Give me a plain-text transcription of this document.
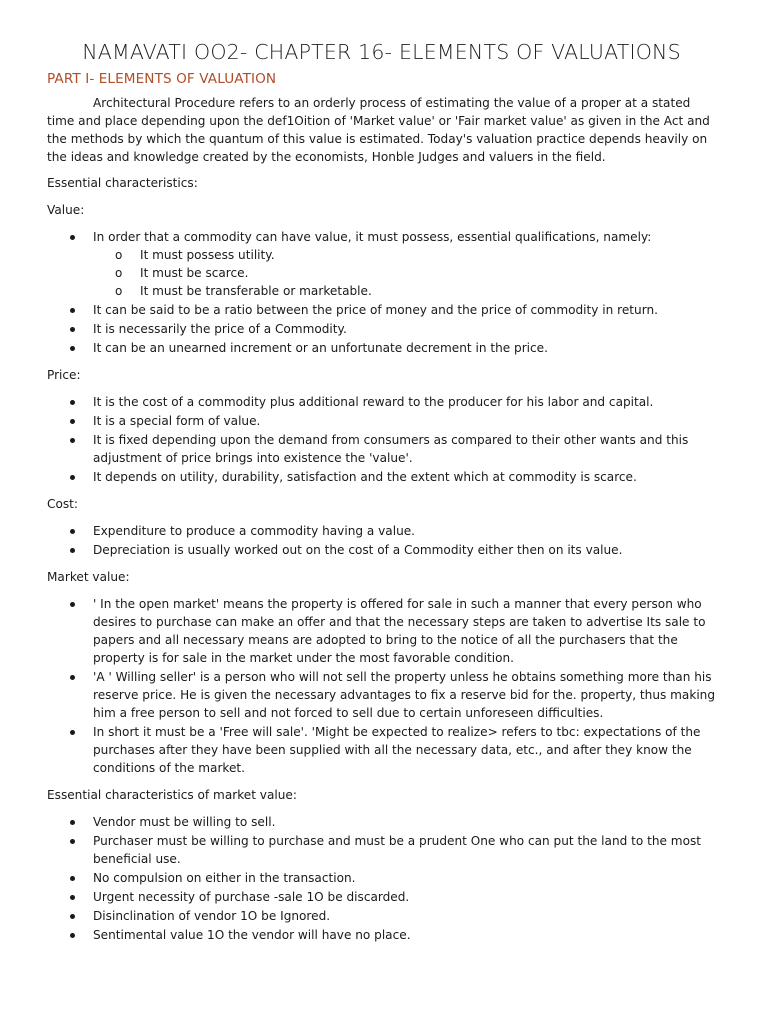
NAMAVATI OO2- CHAPTER 16- ELEMENTS OF VALUATIONS
PART I- ELEMENTS OF VALUATION

Architectural Procedure refers to an orderly process of estimating the value of a proper at a stated time and place depending upon the def1Oition of 'Market value' or 'Fair market value' as given in the Act and the methods by which the quantum of this value is estimated. Today's valuation practice depends heavily on the ideas and knowledge created by the economists, Honble Judges and valuers in the field.

Essential characteristics:
Value:
In order that a commodity can have value, it must possess, essential qualifications, namely:
o It must possess utility.
o It must be scarce.
o It must be transferable or marketable.
It can be said to be a ratio between the price of money and the price of commodity in return.
It is necessarily the price of a Commodity.
It can be an unearned increment or an unfortunate decrement in the price.
Price:
It is the cost of a commodity plus additional reward to the producer for his labor and capital.
It is a special form of value.
It is fixed depending upon the demand from consumers as compared to their other wants and this adjustment of price brings into existence the 'value'.
It depends on utility, durability, satisfaction and the extent which at commodity is scarce.
Cost:
Expenditure to produce a commodity having a value.
Depreciation is usually worked out on the cost of a Commodity either then on its value.
Market value:
' In the open market' means the property is offered for sale in such a manner that every person who desires to purchase can make an offer and that the necessary steps are taken to advertise Its sale to papers and all necessary means are adopted to bring to the notice of all the purchasers that the property is for sale in the market under the most favorable condition.
'A ' Willing seller' is a person who will not sell the property unless he obtains something more than his reserve price. He is given the necessary advantages to fix a reserve bid for the. property, thus making him a free person to sell and not forced to sell due to certain unforeseen difficulties.
In short it must be a 'Free will sale'. 'Might be expected to realize> refers to tbc: expectations of the purchases after they have been supplied with all the necessary data, etc., and after they know the conditions of the market.
Essential characteristics of market value:
Vendor must be willing to sell.
Purchaser must be willing to purchase and must be a prudent One who can put the land to the most beneficial use.
No compulsion on either in the transaction.
Urgent necessity of purchase -sale 1O be discarded.
Disinclination of vendor 1O be Ignored.
Sentimental value 1O the vendor will have no place.
